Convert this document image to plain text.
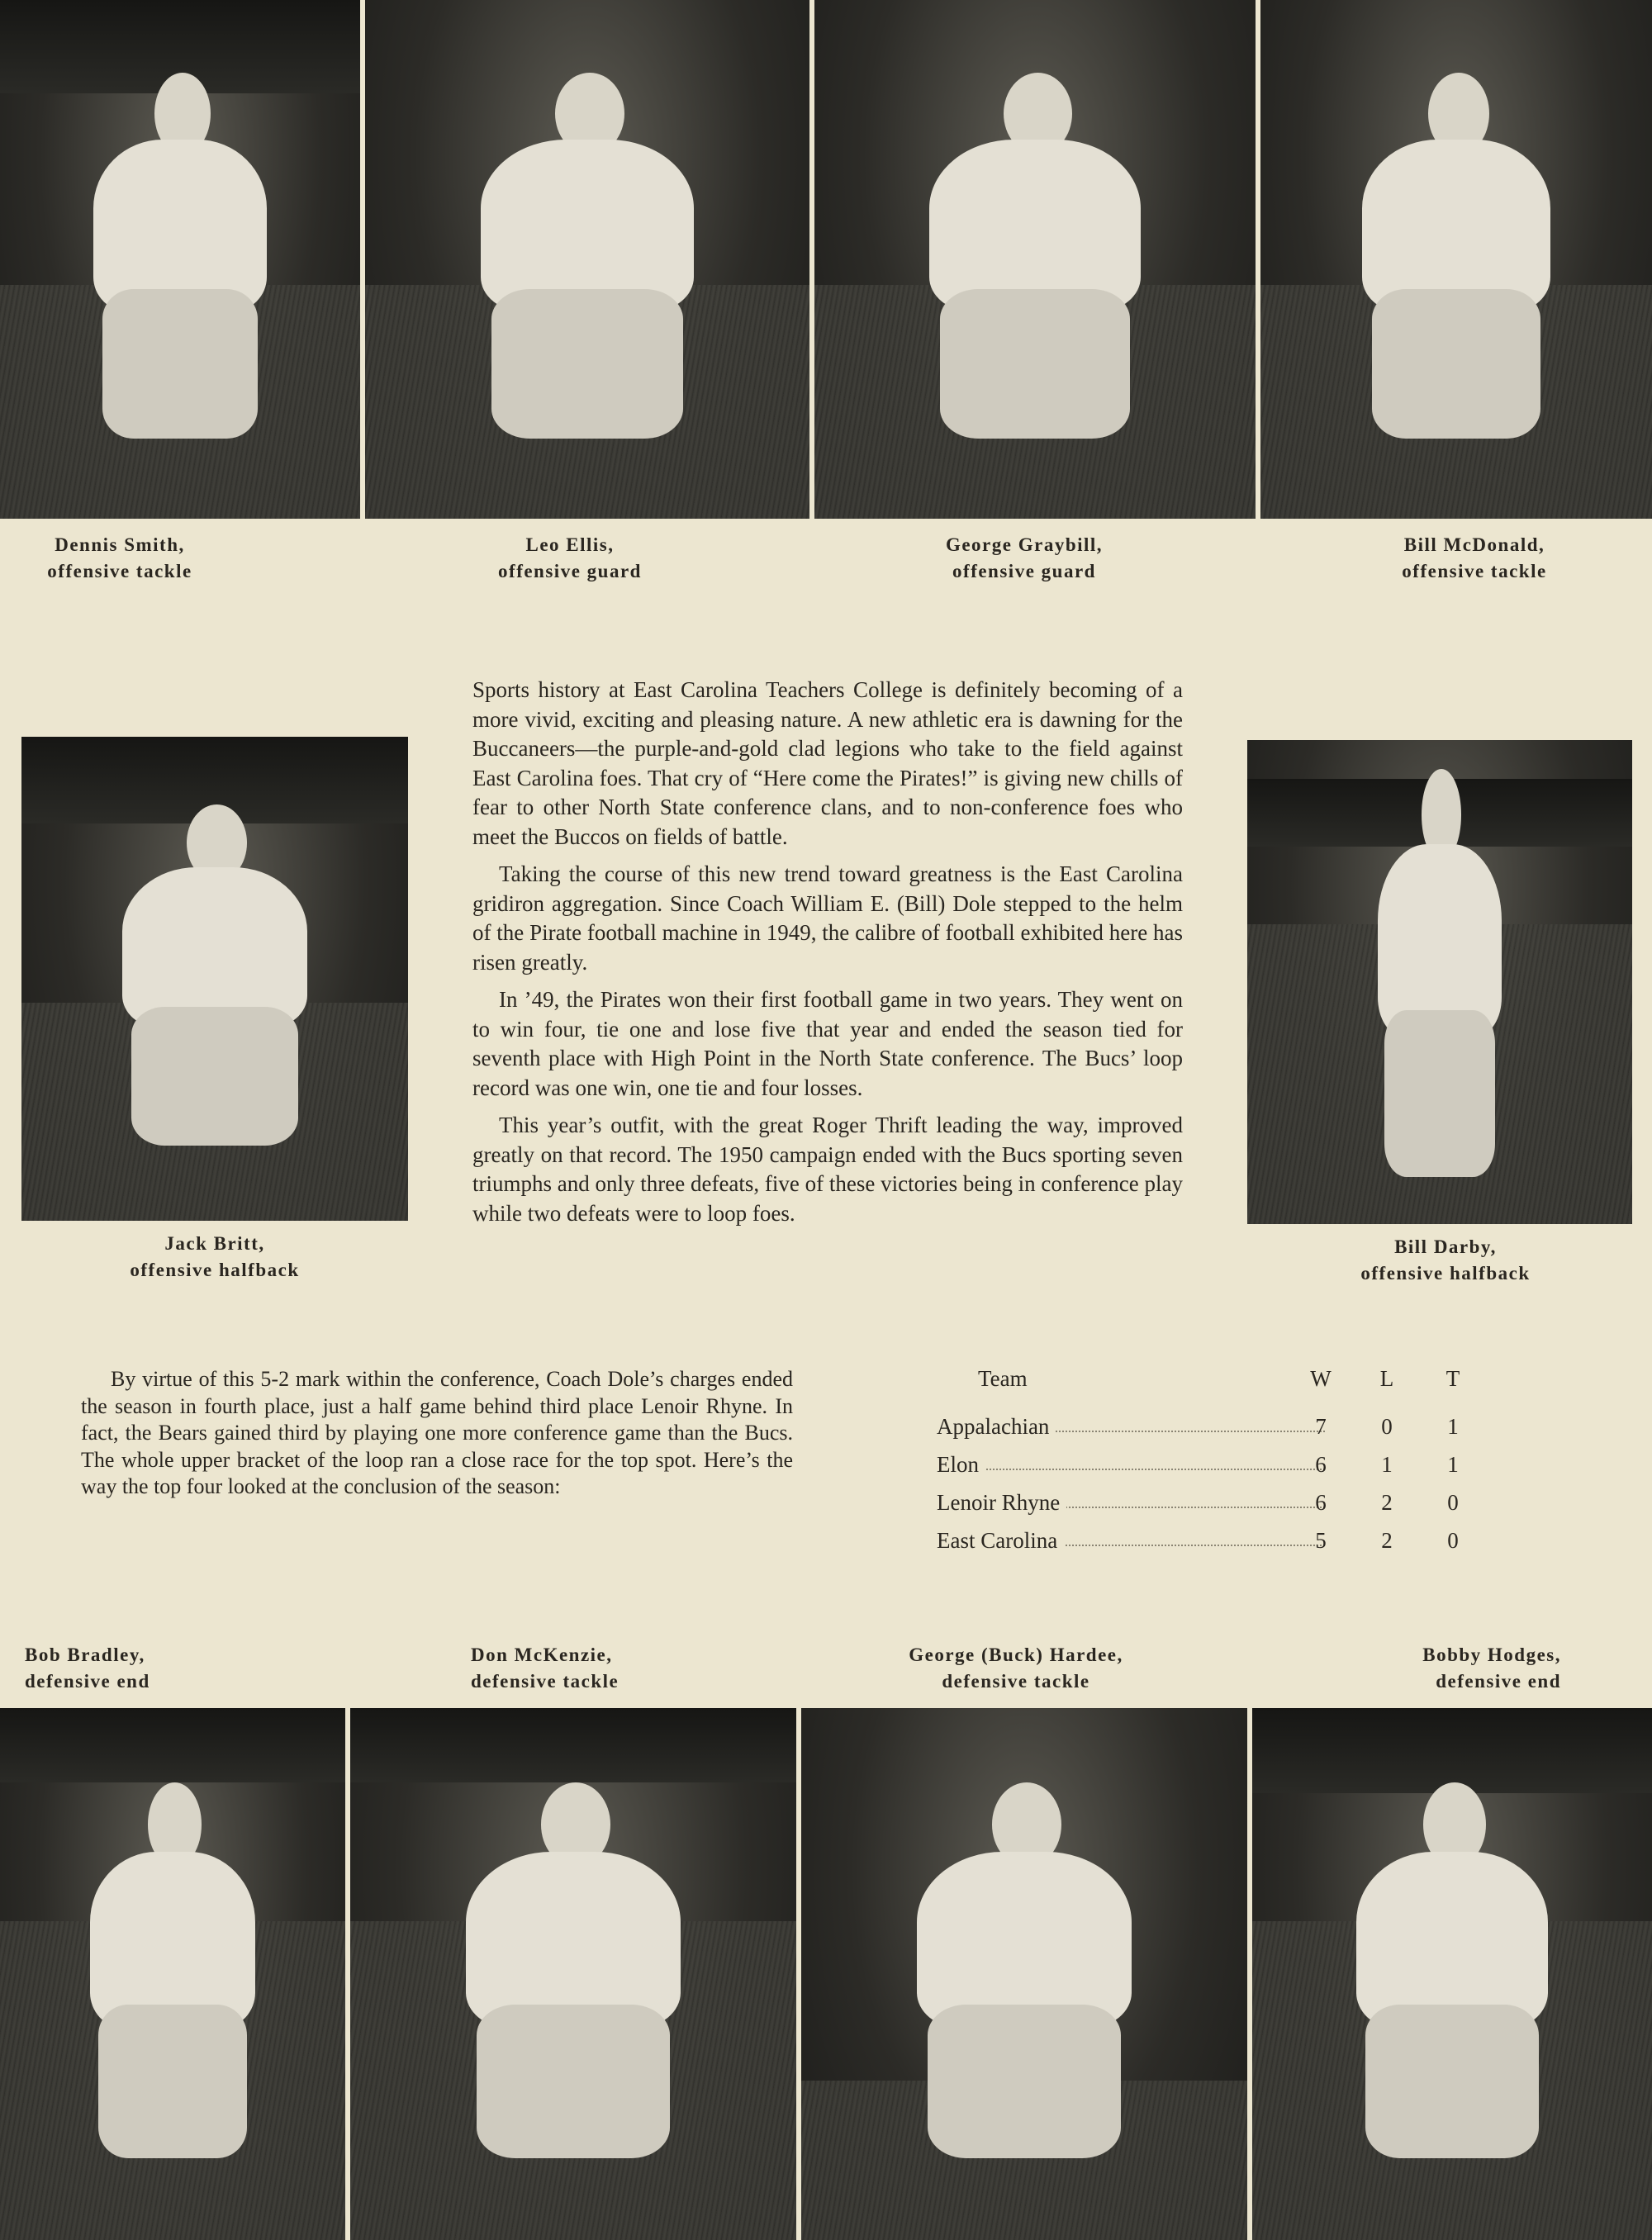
Dennis Smith,
offensive tackle
Leo Ellis,
offensive guard
George Graybill,
offensive guard
Bill McDonald,
offensive tackle
Jack Britt,
offensive halfback
Bill Darby,
offensive halfback

Sports history at East Carolina Teachers College is definitely becoming of a more vivid, exciting and pleasing nature. A new athletic era is dawning for the Buccaneers—the purple-and-gold clad legions who take to the field against East Carolina foes. That cry of “Here come the Pirates!” is giving new chills of fear to other North State conference clans, and to non-conference foes who meet the Buccos on fields of battle.

Taking the course of this new trend toward greatness is the East Carolina gridiron aggregation. Since Coach William E. (Bill) Dole stepped to the helm of the Pirate football machine in 1949, the calibre of football exhibited here has risen greatly.

In ’49, the Pirates won their first football game in two years. They went on to win four, tie one and lose five that year and ended the season tied for seventh place with High Point in the North State conference. The Bucs’ loop record was one win, one tie and four losses.

This year’s outfit, with the great Roger Thrift leading the way, improved greatly on that record. The 1950 campaign ended with the Bucs sporting seven triumphs and only three defeats, five of these victories being in conference play while two defeats were to loop foes.

By virtue of this 5-2 mark within the conference, Coach Dole’s charges ended the season in fourth place, just a half game behind third place Lenoir Rhyne. In fact, the Bears gained third by playing one more conference game than the Bucs. The whole upper bracket of the loop ran a close race for the top spot. Here’s the way the top four looked at the conclusion of the season:

Team	W	L	T
Appalachian	7	0	1
Elon	6	1	1
Lenoir Rhyne	6	2	0
East Carolina	5	2	0
Bob Bradley,
defensive end
Don McKenzie,
defensive tackle
George (Buck) Hardee,
defensive tackle
Bobby Hodges,
defensive end
